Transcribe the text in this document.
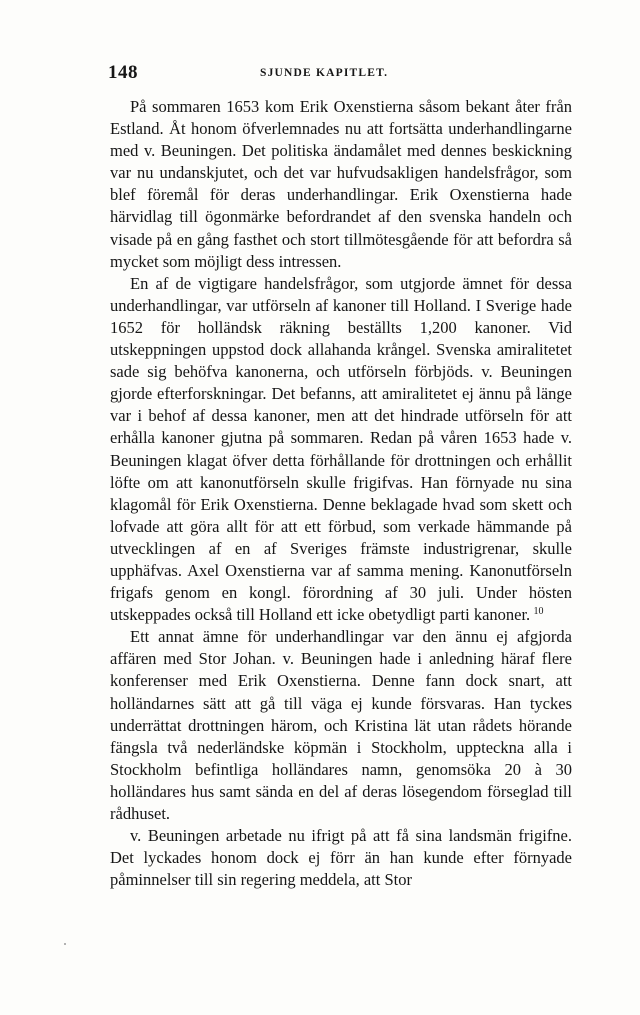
148	SJUNDE KAPITLET.

På sommaren 1653 kom Erik Oxenstierna såsom bekant åter från Estland. Åt honom öfverlemnades nu att fortsätta underhandlingarne med v. Beuningen. Det politiska ändamålet med dennes beskickning var nu undanskjutet, och det var hufvudsakligen handelsfrågor, som blef föremål för deras underhandlingar. Erik Oxenstierna hade härvidlag till ögonmärke befordrandet af den svenska handeln och visade på en gång fasthet och stort tillmötesgående för att befordra så mycket som möjligt dess intressen.

En af de vigtigare handelsfrågor, som utgjorde ämnet för dessa underhandlingar, var utförseln af kanoner till Holland. I Sverige hade 1652 för holländsk räkning beställts 1,200 kanoner. Vid utskeppningen uppstod dock allahanda krångel. Svenska amiralitetet sade sig behöfva kanonerna, och utförseln förbjöds. v. Beuningen gjorde efterforskningar. Det befanns, att amiralitetet ej ännu på länge var i behof af dessa kanoner, men att det hindrade utförseln för att erhålla kanoner gjutna på sommaren. Redan på våren 1653 hade v. Beuningen klagat öfver detta förhållande för drottningen och erhållit löfte om att kanonutförseln skulle frigifvas. Han förnyade nu sina klagomål för Erik Oxenstierna. Denne beklagade hvad som skett och lofvade att göra allt för att ett förbud, som verkade hämmande på utvecklingen af en af Sveriges främste industrigrenar, skulle upphäfvas. Axel Oxenstierna var af samma mening. Kanonutförseln frigafs genom en kongl. förordning af 30 juli. Under hösten utskeppades också till Holland ett icke obetydligt parti kanoner.  $^{10}$

Ett annat ämne för underhandlingar var den ännu ej afgjorda affären med Stor Johan. v. Beuningen hade i anledning häraf flere konferenser med Erik Oxenstierna. Denne fann dock snart, att holländarnes sätt att gå till väga ej kunde försvaras. Han tyckes underrättat drottningen härom, och Kristina lät utan rådets hörande fängsla två nederländske köpmän i Stockholm, uppteckna alla i Stockholm befintliga holländares namn, genomsöka 20 à 30 holländares hus samt sända en del af deras lösegendom förseglad till rådhuset.

v. Beuningen arbetade nu ifrigt på att få sina landsmän frigifne. Det lyckades honom dock ej förr än han kunde efter förnyade påminnelser till sin regering meddela, att Stor
